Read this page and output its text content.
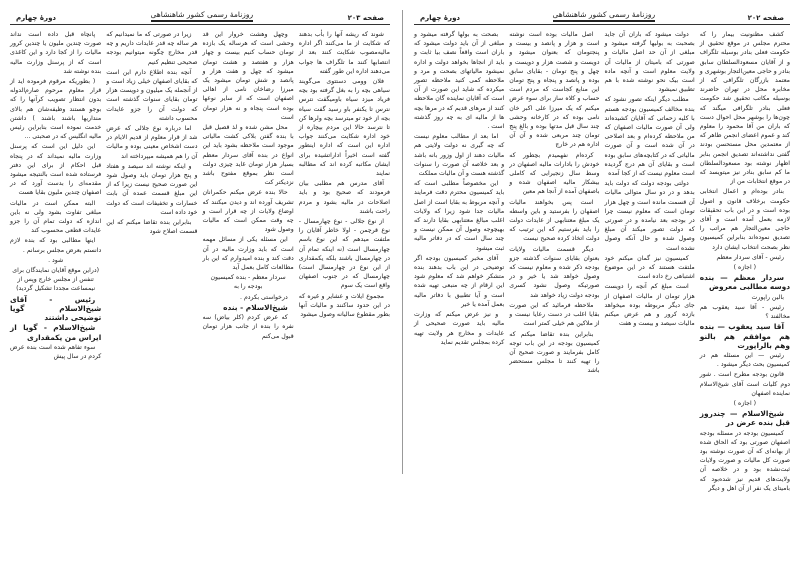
دورهٔ چهارم	روزنامهٔ رسمی کشور شاهنشاهی	صفحه ۲۰۲

کشف مظنونیت بیمار را که محترم مجلس در موقع تحقیق از حکومت فعلی بنادر بوسیله تلگراف و از آقایان مسعودالسلطان سابق بنادر و حاجی معین‌التجار بوشهری و معتمد بازرگان تلگرافی که از مخابره محل در تهران حاضرند بوسیله مکاتب تحقیق شد حکومت فعلی بنادر تلگرافی میگند که چون‌ها را بوشهر محل احوال دست که باران من آقا محمود را معلوم کند و عموم اعضای انجمن ظاهر که از معتمدین محل مستحسن بودند گفتی نداشته‌اند تصدیق انجمن بنابر اظهار نوشته بود مسعودالسلطان ما کم سابق بنادر نیز میتویسد که در موقع انتخابات من از

بنادر بوده‌ام و اعمال انتخابی حکومت برخلاف قانون و اصول بوده است و در این باب تحقیقات لازمه بعمل آمده است و آقای حاجی معین‌التجار هم مراتب را تصدیق نموده‌اند بنابراین کمیسیون نظر بصحت انتخاب ایشان دارد

رئیس - آقای سردار معظم

( اجازه )

سردار معظم — بنده دوسه مطالبی معروض

بالین راپورت

رئیس - آقا سید یعقوب هم مخالفند ؟

آقا سید یعقوب — بنده هم موافقم هم بالنو وهم بالراپورت

رئیس — این مسئله هم در کمیسیون بحث دیگر میشود .

قانون بودجه مطرح است . شور دوم کلیات است آقای شیخ‌الاسلام نماینده اصفهان

( اجازه )

شیخ‌الاسلام — چندروز قبل بنده عرض در

کمیسیون بودجه در مسئله بودجه اصفهان صورتی بود که الحاق شده از بهانه‌ای که آن صورت نوشته بود صورت کل مالیات و صورت ولایات ثبت‌نشده بود و در خلاصه آن ولایت‌های قدیم نیز شده‌بود که بامیتا‌ی یک نفر از آن اهل و دیگر

دولت میشود که باران آن جاید بصحبت به بولیها گرفته میشود و مبلغی از آن حد اصل مالیات و صورتی که بامیتان از مالیات آن ولایت معلوم است و آنچه ماده است بیک نحو نوشته شده با هم تطبیق نمیشود

مطلب دیگر اینکه تصور نشود که بنده مخالف کمیسیون بودجه هستم با کلیه زحماتی که آقایان کشیده‌اند ولی آن صورت مالیات اصفهان که من ملاحظه کرده‌ام و بعد اصلاحی در آن شده است و آن صورت مالیاتی که در کتابچه‌های سابق بوده است و بقایای آن هم درج گردیده است معلوم نیست که از کجا آمده

دولتی بودجه دولت که دولت باید بدهد و در دو سال متوالی مالیات آن قسمت مانده است و چهل هزار تومان است که معلوم نیست چرا در بودجه بعد نیامده و در صورتی که دولت تصور میکند آن مبلغ وصول شده و حال آنکه وصول نشده است

کمیسیون نیز گمان میکنم خود ملتفت هستند که در این موضوع اشتباهی رخ داده است

است مبلغ کم آنچه را دویست هزار تومان از مالیات اصفهان از جای دیگر مربوطه بوده میخواهد بازده کرور و هم عرض میکنم مالیات سیصد و بیست و هفت

اصل مالیات بوده است نوشته است و هزار و پانصد و بیست و پنجتومان که بعنوان میشود و دویست و شصت هزار و دویست و چهل و پنج تومان - بقایای سابق بوده و پانصد و پنجاه و پنج تومان این منابع کجاست که مردم است حساب و کلاه ساز برای سوء عرض میکنم که یک میرزا علی اکبر خان نامی بوده که در کارخانه وحشی چند سال قبل مدتها بوده و بالغ پنج تومان چند مربعی شده و آن آن اداره هم در خارج

کرده‌ام نفهمیدم بچطور که خودش را بادارات مالیه اصفهان در وسط سال زنجیرایی که کاملی بیشکار مالیه اصفهان شده و باصفهان آمده از آنجا هم معین

است پس بخواهند مالیات اصفهان را بفرستید و باین واسطه یک مبلغ معتنابهی از عایدات دولت را باید بفرستیم که این ترتیب که دولت اتخاذ کرده صحیح نیست

دیگر قسمت مالیات ولایات بعنوان بقایای سنوات گذشته جزو بودجه ذکر شده و معلوم نیست که وصول خواهد شد یا خیر و در صورتیکه وصول نشود کسری بودجه دولت زیاد خواهد شد

ملاحظه فرمائید که این صورت بقایا اغلب در دست رعایا نیست و از ملاکین هم خیلی کمتر است

بنابراین بنده تقاضا میکنم که کمیسیون بودجه در این باب توجه کامل بفرمایند و صورت صحیح آن را تهیه کنند تا مجلس مستحضر باشد

بصحت به بولها گرفته میشود و مبلغی از آن باید دولت میشود که باران است واقعاً نصف بیا ثابت و باید از انجاها بخواهد دولت و اداره نمیشود مالیاتهای بصحت و مرد و ملاحظه کمی کنید ملاحظه تصور میکرده که شاید این صورت از آن است که آقایان نماینده گان ملاحظه کنند از مرهای قدیم که در مرها بچه ها از مالیه ای به چه روز گذشته است .

اما بعد از مطالب معلوم نیست که چه گیری نه دولت ولایتی هم مالیات دهند از اول وزور بانه باشد و بعد خلاصه آن صورت را سنوات گذشته هست و آن مالیات مملکت

این مخصوصاً مطلبی است که باید کمیسیون محترم دقت فرمایند و آنچه مربوط به بقایا است از اصل مالیات جدا شود زیرا که ولایات اغلب مبالغ معتنابهی بقایا دارند که بهیچوجه وصول آن ممکن نیست و چند سال است که در دفاتر مالیه ثبت میشود

آقای مخبر کمیسیون بودجه اگر توضیحی در این باب بدهند بنده متشکر خواهم شد که معلوم شود این ارقام از چه منبعی تهیه شده است و آیا تطبیق با دفاتر مالیه بعمل آمده یا خیر

و نیز عرض میکنم که وزارت مالیه باید صورت صحیحی از عایدات و مخارج هر ولایت تهیه کرده بمجلس تقدیم نماید

دورهٔ چهارم	روزنامهٔ رسمی کشور شاهنشاهی	صفحه ۲۰۳

شوند که ریشه آنها را بأب بدهند که شکایت از ما می‌کنند اگر اداره مالیه‌مصوب شکایت کنند بعد از انتصابها کنند ما تلگراف ها جواب می‌دهند اداره این طور گفته

فلان وومی دستتوی می‌گویند سیاهی بچه را به بغل گرفته بود بچه فریاد میزد سیاه باومیگفت نترس نترس تا یکنفر باو رسید گفت سیاه بچه از خود تو میترسد بچه ولرها کن تا نترسد حالا این مردم بیچاره از خود اداره شکایت می‌کنند جواب اداره این است که اداره اینطور گفته است اخیراً اداراتشیده برای ایشان مکاتبه کرده اند که مطالبه نمایند

آقای مدرس هم مطلبی بیان فرمودند که صحیح بود و باید اصلاحات در مالیه بشود و مردم راحت باشند

از نوع جلالی - نوع چهارمسال - نوع قرچمن - اولا خاطر آقایان را ملتفت میدهم که این نوع باسم چهارمسال است (نه اینکه تمام آن در چهارمسال باشند بلکه یکمقداری از این نوع در چهارمسال است) چهارمسال که در جنوب اصفهان واقع است یک سوم

مجموع ایلات و عشایر و غیره که در این حدود ساکنند و مالیات آنها بطور مقطوع سالیانه وصول میشود

وچهل وهشت خروار این قد وحشی است که هرساله یک بازده تومان حساب کنیم بیست و چهار هزار و هفتصد و هشت تومان میشود که چهل و هفت هزار و پانصد و شش تومان میشود یک میرزا رضاخان نامی از اهالی اصفهان است که از سایر نوعها بوده است پنجاه و نه هزار تومان است

محل مشن شده و لذ قصیل قبل با بنده گفتن بلاکی کشت مالیاتی موجود است ملاحظه بشود باید این انواع در بنده آقای سردار معظم بسیار هزار تومان غاید چیزی دولت است نظر بموقع مفتوح باشد نزدیکتر کت

حالا بنده عرض میکنم حکمرانان تشریف آورده اند و دیدن میکنند که اوضاع ولایات از چه قرار است و چه وقت ممکن است که مالیات وصول شود

این مسئله یکی از مسائل مهمه است که باید وزارت مالیه در آن دقت کند و بنده امیدوارم که این بار مطالعات کامل بعمل آید

سردار معظم - بنده کمیسیون بودجه را به

درخواستی بکردم .

شیخ‌الاسلام - بنده

که عرض کردم (کلر بیاض) سه نفره را بنده از جانب هزار تومان قبول می‌کنم

زیرا در صورتی که ما نمیدانیم که هر ساله چه قدر عایدات داریم و چه قدر مخارج چگونه میتوانیم بودجه صحیحی تنظیم کنیم

آنچه بنده اطلاع دارم این است که بقایای اصفهان خیلی زیاد است و از آنجمله یک میلیون و دویست هزار تومان بقایای سنوات گذشته است که دولت آن را جزو عایدات محسوب داشته

اما درباره نوع جلالی که عرض شد از قرار معلوم از قدیم الایام در دست اشخاص معینی بوده و مالیات آن را هم همیشه میپرداخته اند

و اینکه نوشته اند سیصد و هفتاد و پنج هزار تومان باید وصول شود این صورت صحیح نیست زیرا که از این مبلغ قسمت عمده آن بابت خسارات و تخفیفات است که دولت خود داده است

بنابراین بنده تقاضا میکنم که این قسمت اصلاح شود

پانچاه قبل داده است نداند صورت چندین ملیون یا چندین کرور مالیات را از کجا دارد و این کاغذی است که از پرسنل وزارت مالیه بنده نوشته شد

( بطوریکه مرقوم فرموده اید از قرار معلوم مرحوم صارم‌الدوله بدون انتظار تصویب کرآنها را که بوجو هستند وظیفه‌شان هم بالای منداریها باشند باشند ) داشتن خدمت نموده است بنابراین رئیس مالیه انگلیس که در صحبتی ...

این دلیل این است که پرسنل وزارت مالیه نمیداند که در پنجاه قبل احکام از برای این دفتر فرستاده شده است بالنتیجه میشود مقدمه‌ای را بدست آورد که در اصفهان چندین ملیون بقایا هست

البته ممکن است در مالیات مبلغی تفاوت بشود ولی نه باین اندازه که دولت تمام آن را جزو عایدات قطعی محسوب کند

اینها مطالبی بود که بنده لازم دانستم بعرض مجلس برسانم .

شود .

(دراین موقع آقایان نمایندگان برای تنفس از مجلس خارج وپس از نیمساعت مجددا تشکیل گردید)

رئیس - آقای شیخ‌الاسلام گویا توضیحی داشتند

شیخ‌الاسلام - گویا از ایراس من یکمقداری

سوء تفاهم شده است بنده عرض کردم در سال پیش
